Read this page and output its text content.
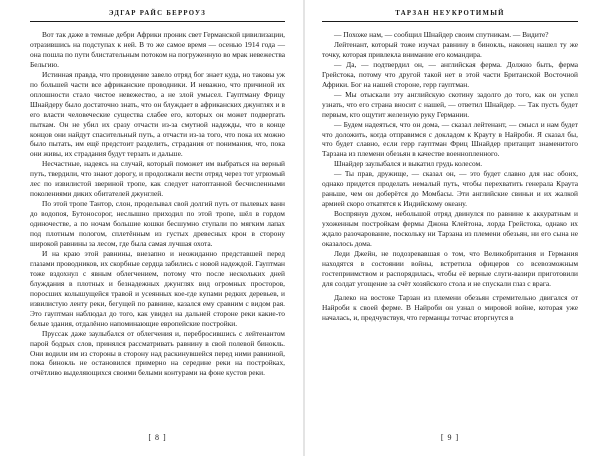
ЭДГАР РАЙС БЕРРОУЗ

Вот так даже в темные дебри Африки проник свет Германской цивилизации, отразившись на подступах к ней. В то же самое время — осенью 1914 года — она пошла по пути блистательным потоком на погруженную во мрак невежества Бельгию.

Истинная правда, что провидение завело отряд бог знает куда, но таковы уж по большей части все африканские проводники. И неважно, что причиной их оплошности стало чистое невежество, а не злой умысел. Гауптману Фрицу Шнайдеру было достаточно знать, что он блуждает в африканских джунглях и в его власти человеческие существа слабее его, которых он может подвергать пыткам. Он не убил их сразу отчасти из-за смутной надежды, что в конце концов они найдут спасительный путь, а отчасти из-за того, что пока их можно было пытать, им ещё предстоит разделить, страдания от понимания, что, пока они живы, их страдания будут терзать и дальше.

Несчастные, надеясь на случай, который поможет им выбраться на верный путь, твердили, что знают дорогу, и продолжали вести отряд через тот угрюмый лес по извилистой звериной тропе, как следует натоптанной бесчисленными поколениями диких обитателей джунглей.

По этой тропе Тантор, слон, проделывал свой долгий путь от пылевых ванн до водопоя, Бутоносорог, неслышно приходил по этой тропе, шёл в гордом одиночестве, а по ночам большие кошки бесшумно ступали по мягким лапах под плотным пологом, сплетённым из густых древесных крон в сторону широкой равнины за лесом, где была самая лучшая охота.

И на краю этой равнины, внезапно и неожиданно представшей перед глазами проводников, их скорбные сердца забились с новой надеждой. Гауптман тоже вздохнул с явным облегчением, потому что после нескольких дней блуждания в плотных и безнадежных джунглях вид огромных просторов, поросших колышущейся травой и усеянных кое-где купами редких деревьев, и извилистую ленту реки, бегущей по равнине, казался ему сравним с видом рая. Это гауптман наблюдал до того, как увидел на дальней стороне реки какие-то белые здания, отдалённо напоминающие европейские постройки.

Пруссак даже заулыбался от облегчения и, перебросившись с лейтенантом парой бодрых слов, принялся рассматривать равнину в свой полевой бинокль. Они водили им из стороны в сторону над раскинувшейся перед ними равниной, пока бинокль не остановился примерно на середине реки на постройках, отчётливо выделяющихся своими белыми контурами на фоне кустов реки.

[ 8 ]
ТАРЗАН НЕУКРОТИМЫЙ

— Похоже нам, — сообщил Шнайдер своим спутникам. — Видите?

Лейтенант, который тоже изучал равнину в бинокль, наконец нашел ту же точку, которая привлекла внимание его командира.

— Да, — подтвердил он, — английская ферма. Должно быть, ферма Грейстока, потому что другой такой нет в этой части Британской Восточной Африки. Бог на нашей стороне, герр гауптман.

— Мы отыскали эту английскую скотину задолго до того, как он успел узнать, что его страна вносит с нашей, — ответил Шнайдер. — Так пусть будет первым, кто ощутит железную руку Германии.

— Будем надеяться, что он дома, — сказал лейтенант, — смысл и нам будет что доложить, когда отправимся с докладом к Крауту в Найроби. Я сказал бы, что будет славно, если герр гауптман Фриц Шнайдер притащит знаменитого Тарзана из племени обезьян в качестве военнопленного.

Шнайдер заулыбался и выкатил грудь колесом.

— Ты прав, дружище, — сказал он, — это будет славно для нас обоих, однако придется проделать немалый путь, чтобы перехватить генерала Краута раньше, чем он доберётся до Момбасы. Эти английские свиньи и их жалкой армией скоро откатятся к Индийскому океану.

Воспрянув духом, небольшой отряд двинулся по равнине к аккуратным и ухоженным постройкам фермы Джона Клейтона, лорда Грейстока, однако их ждало разочарование, поскольку ни Тарзана из племени обезьян, ни его сына не оказалось дома.

Леди Джейн, не подозревавшая о том, что Великобритания и Германия находятся в состоянии войны, встретила офицеров со всевозможным гостеприимством и распорядилась, чтобы её верные слуги-вазири приготовили для солдат угощение за счёт хозяйского стола и не спускали глаз с врага.

Далеко на востоке Тарзан из племени обезьян стремительно двигался от Найроби к своей ферме. В Найроби он узнал о мировой войне, которая уже началась, и, предчувствуя, что германцы тотчас вторгнутся в

[ 9 ]
